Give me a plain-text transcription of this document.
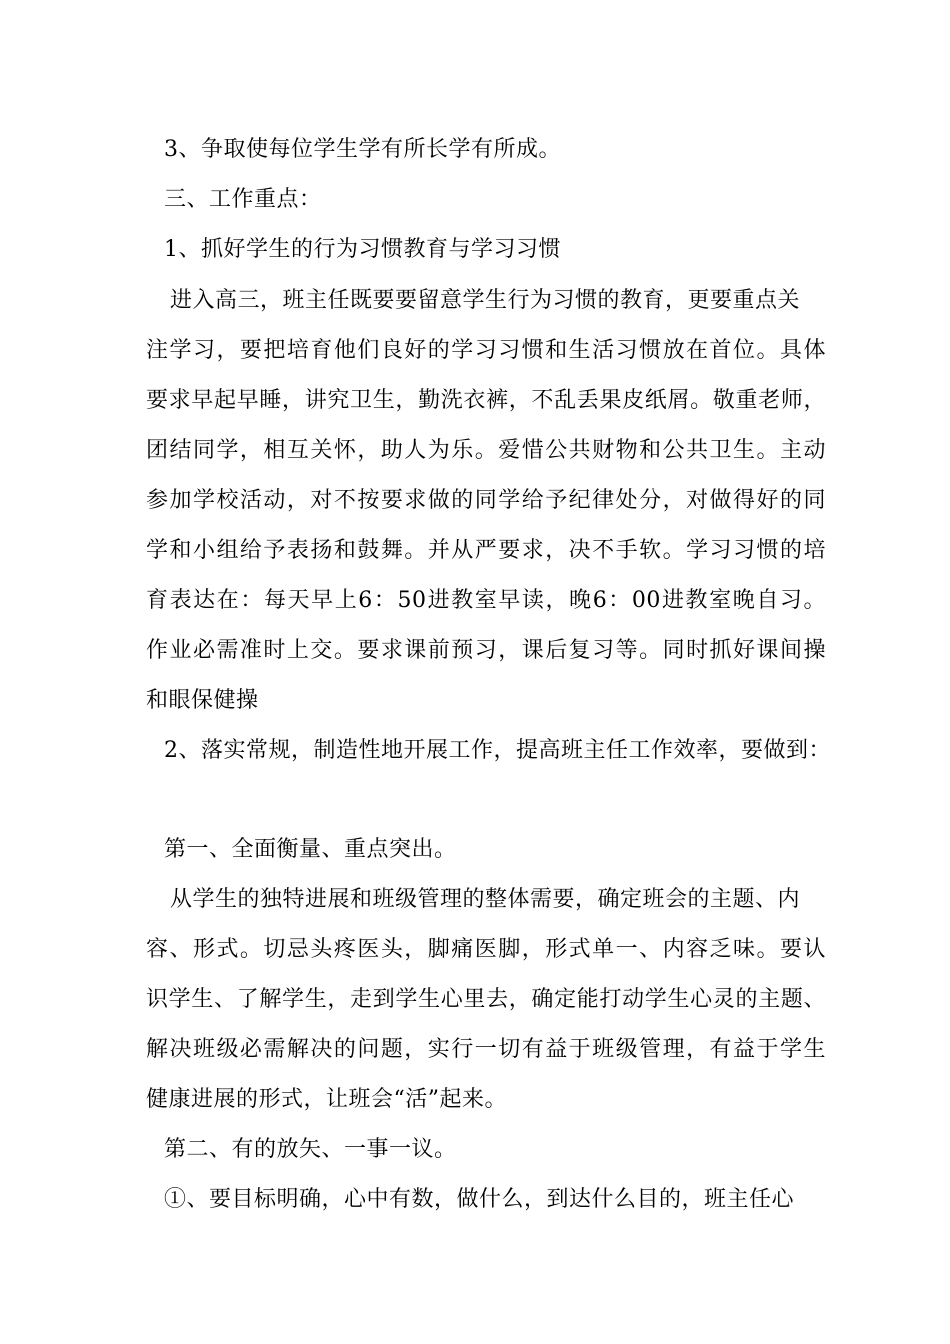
3、争取使每位学生学有所长学有所成。
三、工作重点：
1、抓好学生的行为习惯教育与学习习惯
进入高三，班主任既要要留意学生行为习惯的教育，更要重点关
注学习，要把培育他们良好的学习习惯和生活习惯放在首位。具体
要求早起早睡，讲究卫生，勤洗衣裤，不乱丢果皮纸屑。敬重老师，
团结同学，相互关怀，助人为乐。爱惜公共财物和公共卫生。主动
参加学校活动，对不按要求做的同学给予纪律处分，对做得好的同
学和小组给予表扬和鼓舞。并从严要求，决不手软。学习习惯的培
育表达在：每天早上6：50进教室早读，晚6：00进教室晚自习。
作业必需准时上交。要求课前预习，课后复习等。同时抓好课间操
和眼保健操
2、落实常规，制造性地开展工作，提高班主任工作效率，要做到：
第一、全面衡量、重点突出。
从学生的独特进展和班级管理的整体需要，确定班会的主题、内
容、形式。切忌头疼医头，脚痛医脚，形式单一、内容乏味。要认
识学生、了解学生，走到学生心里去，确定能打动学生心灵的主题、
解决班级必需解决的问题，实行一切有益于班级管理，有益于学生
健康进展的形式，让班会“活”起来。
第二、有的放矢、一事一议。
①、要目标明确，心中有数，做什么，到达什么目的，班主任心
